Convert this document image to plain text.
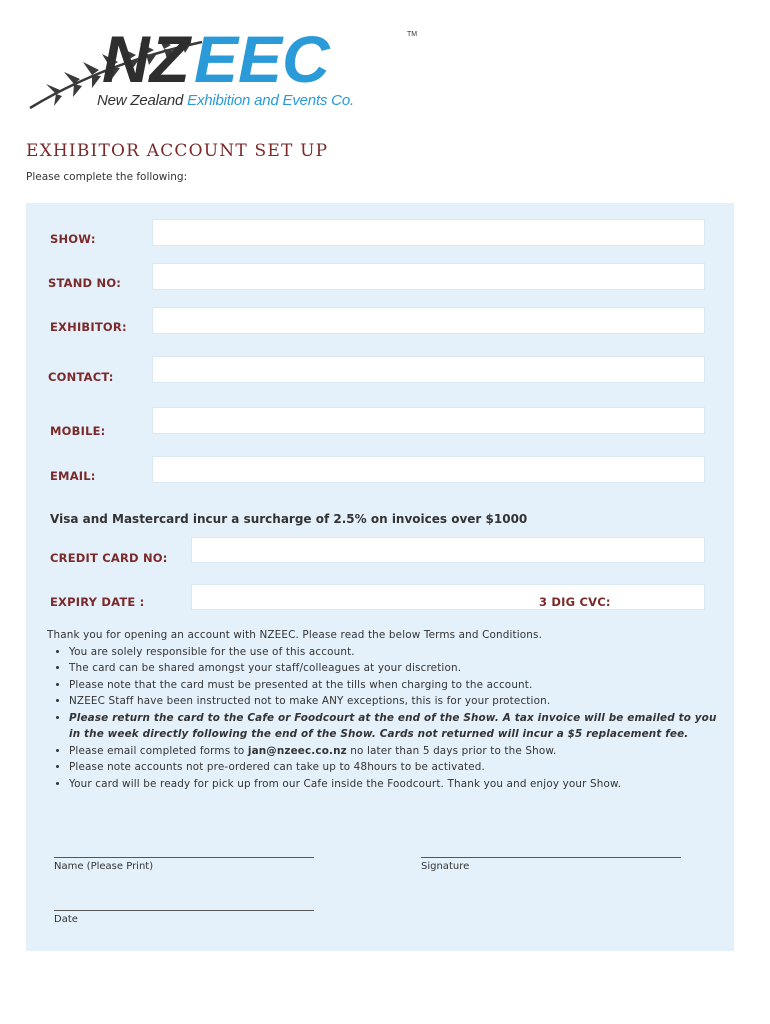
NZ EEC	TM
New Zealand Exhibition and Events Co.
EXHIBITOR ACCOUNT SET UP
Please complete the following:
SHOW:
STAND NO:
EXHIBITOR:
CONTACT:
MOBILE:
EMAIL:
Visa and Mastercard incur a surcharge of 2.5% on invoices over $1000
CREDIT CARD NO:
EXPIRY DATE :	3 DIG CVC:
Thank you for opening an account with NZEEC. Please read the below Terms and Conditions.
• You are solely responsible for the use of this account.
• The card can be shared amongst your staff/colleagues at your discretion.
• Please note that the card must be presented at the tills when charging to the account.
• NZEEC Staff have been instructed not to make ANY exceptions, this is for your protection.
• Please return the card to the Cafe or Foodcourt at the end of the Show. A tax invoice will be emailed to you in the week directly following the end of the Show. Cards not returned will incur a $5 replacement fee.
• Please email completed forms to jan@nzeec.co.nz no later than 5 days prior to the Show.
• Please note accounts not pre-ordered can take up to 48hours to be activated.
• Your card will be ready for pick up from our Cafe inside the Foodcourt. Thank you and enjoy your Show.
Name (Please Print)	Signature
Date
